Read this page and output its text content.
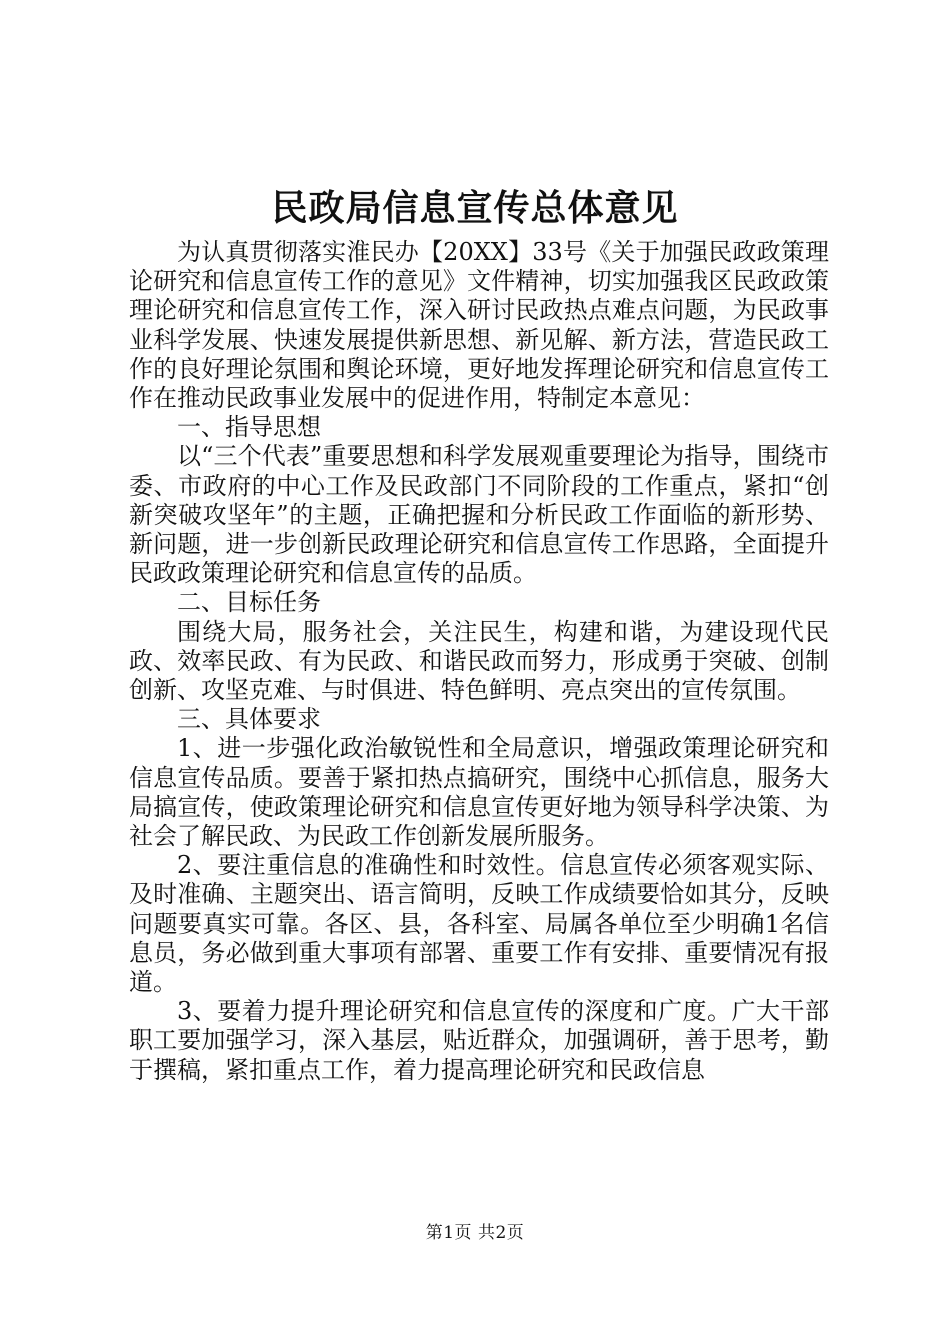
民政局信息宣传总体意见

为认真贯彻落实淮民办【20XX】33号《关于加强民政政策理论研究和信息宣传工作的意见》文件精神，切实加强我区民政政策理论研究和信息宣传工作，深入研讨民政热点难点问题，为民政事业科学发展、快速发展提供新思想、新见解、新方法，营造民政工作的良好理论氛围和舆论环境，更好地发挥理论研究和信息宣传工作在推动民政事业发展中的促进作用，特制定本意见：

一、指导思想

以“三个代表”重要思想和科学发展观重要理论为指导，围绕市委、市政府的中心工作及民政部门不同阶段的工作重点，紧扣“创新突破攻坚年”的主题，正确把握和分析民政工作面临的新形势、新问题，进一步创新民政理论研究和信息宣传工作思路，全面提升民政政策理论研究和信息宣传的品质。

二、目标任务

围绕大局，服务社会，关注民生，构建和谐，为建设现代民政、效率民政、有为民政、和谐民政而努力，形成勇于突破、创制创新、攻坚克难、与时俱进、特色鲜明、亮点突出的宣传氛围。

三、具体要求

1、进一步强化政治敏锐性和全局意识，增强政策理论研究和信息宣传品质。要善于紧扣热点搞研究，围绕中心抓信息，服务大局搞宣传，使政策理论研究和信息宣传更好地为领导科学决策、为社会了解民政、为民政工作创新发展所服务。

2、要注重信息的准确性和时效性。信息宣传必须客观实际、及时准确、主题突出、语言简明，反映工作成绩要恰如其分，反映问题要真实可靠。各区、县，各科室、局属各单位至少明确1名信息员，务必做到重大事项有部署、重要工作有安排、重要情况有报道。

3、要着力提升理论研究和信息宣传的深度和广度。广大干部职工要加强学习，深入基层，贴近群众，加强调研，善于思考，勤于撰稿，紧扣重点工作，着力提高理论研究和民政信息

第1页 共2页
